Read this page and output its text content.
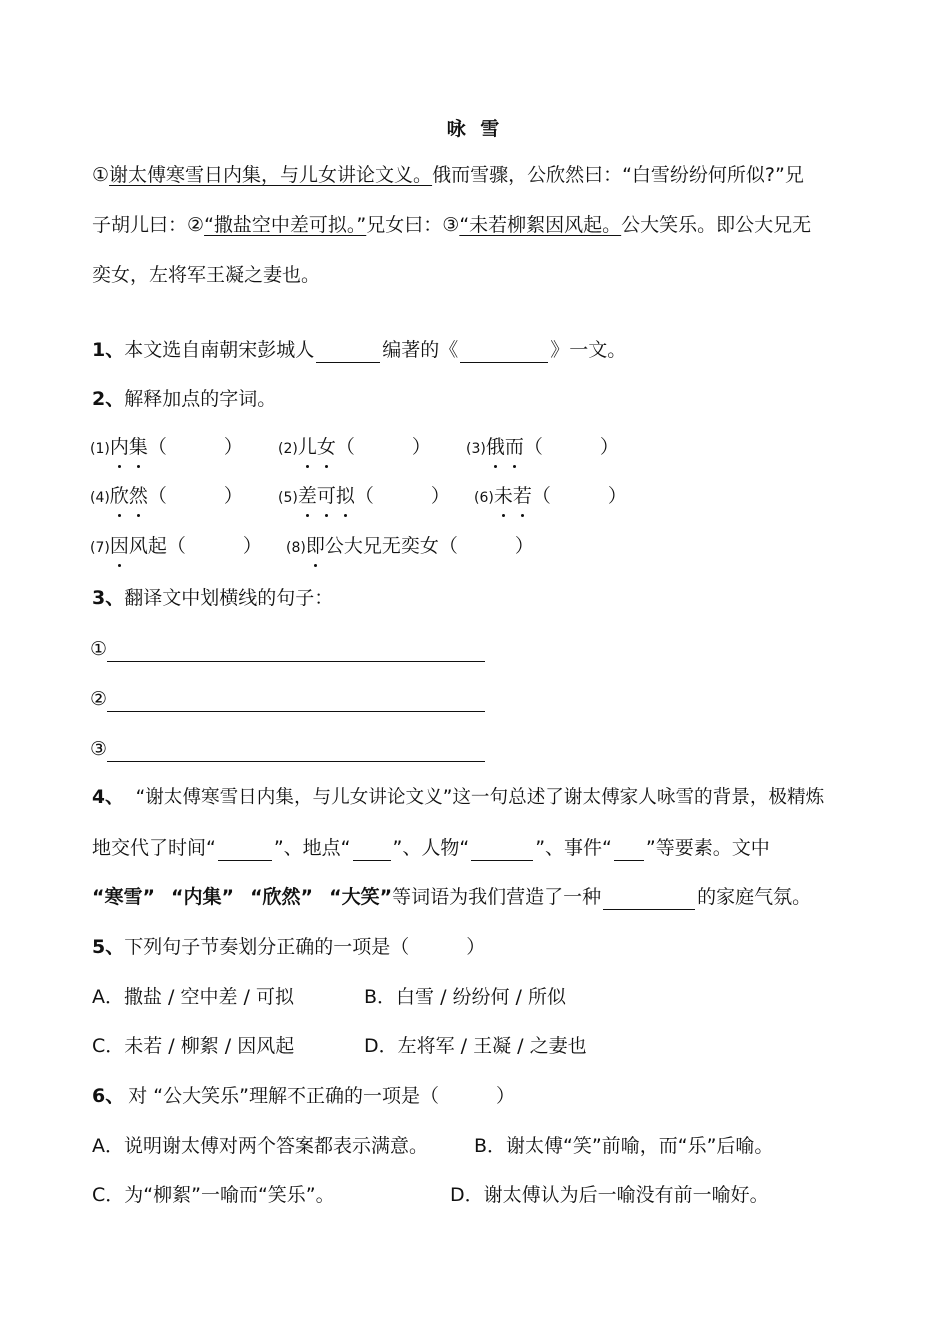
咏 雪
①谢太傅寒雪日内集，与儿女讲论文义。俄而雪骤，公欣然曰：“白雪纷纷何所似?”兄
子胡儿曰：②“撒盐空中差可拟。”兄女曰：③“未若柳絮因风起。公大笑乐。即公大兄无
奕女，左将军王凝之妻也。
1、本文选自南朝宋彭城人	编著的《	》一文。
2、解释加点的字词。
(1)内集（　　　）	(2)儿女（　　　）	(3)俄而（　　　）
(4)欣然（　　　）	(5)差可拟（　　　） (6)未若（　　　）
(7)因风起（　　　） (8)即公大兄无奕女（　　　）
3、翻译文中划横线的句子：
①
②
③
4、 “谢太傅寒雪日内集，与儿女讲论文义”这一句总述了谢太傅家人咏雪的背景，极精炼
地交代了时间“	”、地点“ ”、人物“	”、事件“ ”等要素。文中
“寒雪” “内集” “欣然” “大笑”等词语为我们营造了一种	的家庭气氛。
5、下列句子节奏划分正确的一项是（　　　）
A．撒盐 / 空中差 / 可拟	B．白雪 / 纷纷何 / 所似
C．未若 / 柳絮 / 因风起	D．左将军 / 王凝 / 之妻也
6、 对 “公大笑乐”理解不正确的一项是（　　　）
A．说明谢太傅对两个答案都表示满意。 B．谢太傅“笑”前喻，而“乐”后喻。
C．为“柳絮”一喻而“笑乐”。	D．谢太傅认为后一喻没有前一喻好。
